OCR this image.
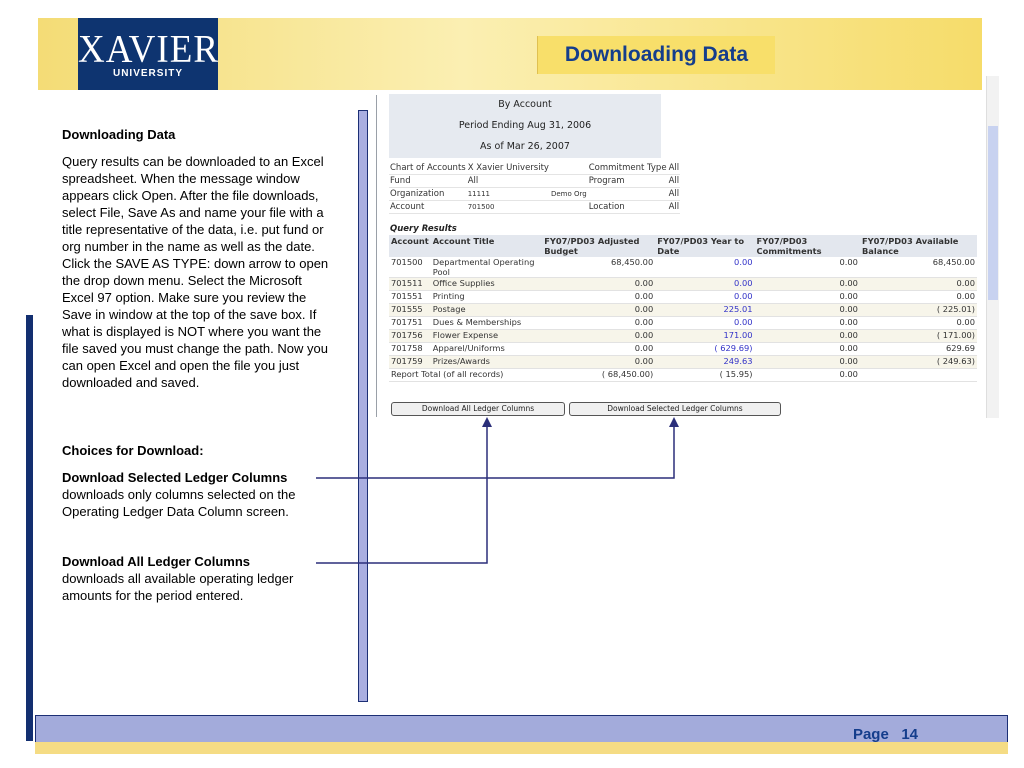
XAVIER
UNIVERSITY
Downloading Data
Downloading Data

Query results can be downloaded to an Excel spreadsheet. When the message window appears click Open. After the file downloads, select File, Save As and name your file with a title representative of the data, i.e. put fund or org number in the name as well as the date. Click the SAVE AS TYPE: down arrow to open the drop down menu. Select the Microsoft Excel 97 option. Make sure you review the Save in window at the top of the save box. If what is displayed is NOT where you want the file saved you must change the path. Now you can open Excel and open the file you just downloaded and saved.

Choices for Download:
Download Selected Ledger Columns
downloads only columns selected on the Operating Ledger Data Column screen.
Download All Ledger Columns
downloads all available operating ledger amounts for the period entered.
By Account
Period Ending Aug 31, 2006
As of Mar 26, 2007
Chart of Accounts	X Xavier University		Commitment Type	All
Fund	All		Program	All
Organization	11111	Demo Org		All
Account	701500		Location	All
Query Results
Account	Account Title	FY07/PD03 Adjusted Budget	FY07/PD03 Year to Date	FY07/PD03 Commitments	FY07/PD03 Available Balance
701500	Departmental Operating Pool	68,450.00	0.00	0.00	68,450.00
701511	Office Supplies	0.00	0.00	0.00	0.00
701551	Printing	0.00	0.00	0.00	0.00
701555	Postage	0.00	225.01	0.00	( 225.01)
701751	Dues & Memberships	0.00	0.00	0.00	0.00
701756	Flower Expense	0.00	171.00	0.00	( 171.00)
701758	Apparel/Uniforms	0.00	( 629.69)	0.00	629.69
701759	Prizes/Awards	0.00	249.63	0.00	( 249.63)
Report Total (of all records)		( 68,450.00)	( 15.95)	0.00	
Download All Ledger Columns	Download Selected Ledger Columns
Page 14
